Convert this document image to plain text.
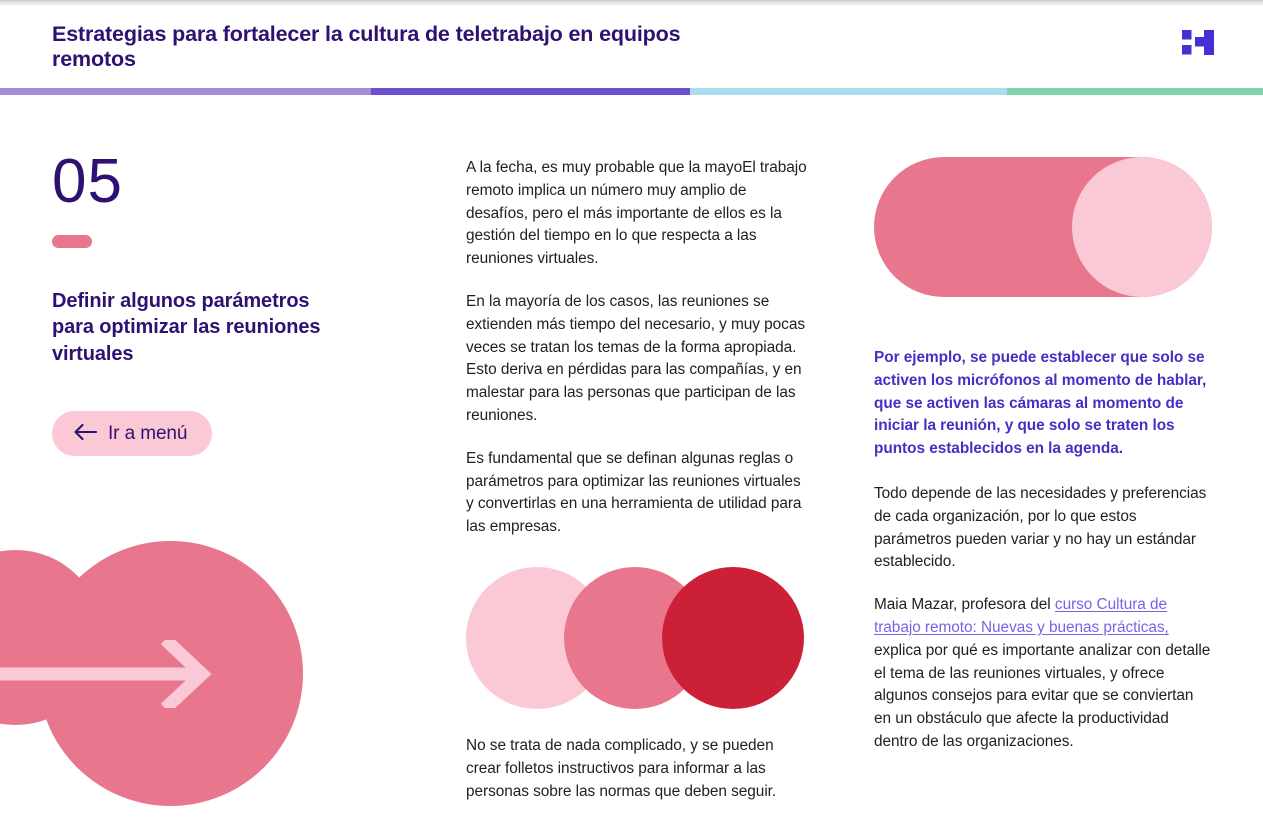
Estrategias para fortalecer la cultura de teletrabajo en equipos remotos
05
Definir algunos parámetros para optimizar las reuniones virtuales
Ir a menú

A la fecha, es muy probable que la mayoEl trabajo remoto implica un número muy amplio de desafíos, pero el más importante de ellos es la gestión del tiempo en lo que respecta a las reuniones virtuales.

En la mayoría de los casos, las reuniones se extienden más tiempo del necesario, y muy pocas veces se tratan los temas de la forma apropiada. Esto deriva en pérdidas para las compañías, y en malestar para las personas que participan de las reuniones.

Es fundamental que se definan algunas reglas o parámetros para optimizar las reuniones virtuales y convertirlas en una herramienta de utilidad para las empresas.

No se trata de nada complicado, y se pueden crear folletos instructivos para informar a las personas sobre las normas que deben seguir.

Por ejemplo, se puede establecer que solo se activen los micrófonos al momento de hablar, que se activen las cámaras al momento de iniciar la reunión, y que solo se traten los puntos establecidos en la agenda.

Todo depende de las necesidades y preferencias de cada organización, por lo que estos parámetros pueden variar y no hay un estándar establecido.

Maia Mazar, profesora del curso Cultura de trabajo remoto: Nuevas y buenas prácticas, explica por qué es importante analizar con detalle el tema de las reuniones virtuales, y ofrece algunos consejos para evitar que se conviertan en un obstáculo que afecte la productividad dentro de las organizaciones.
